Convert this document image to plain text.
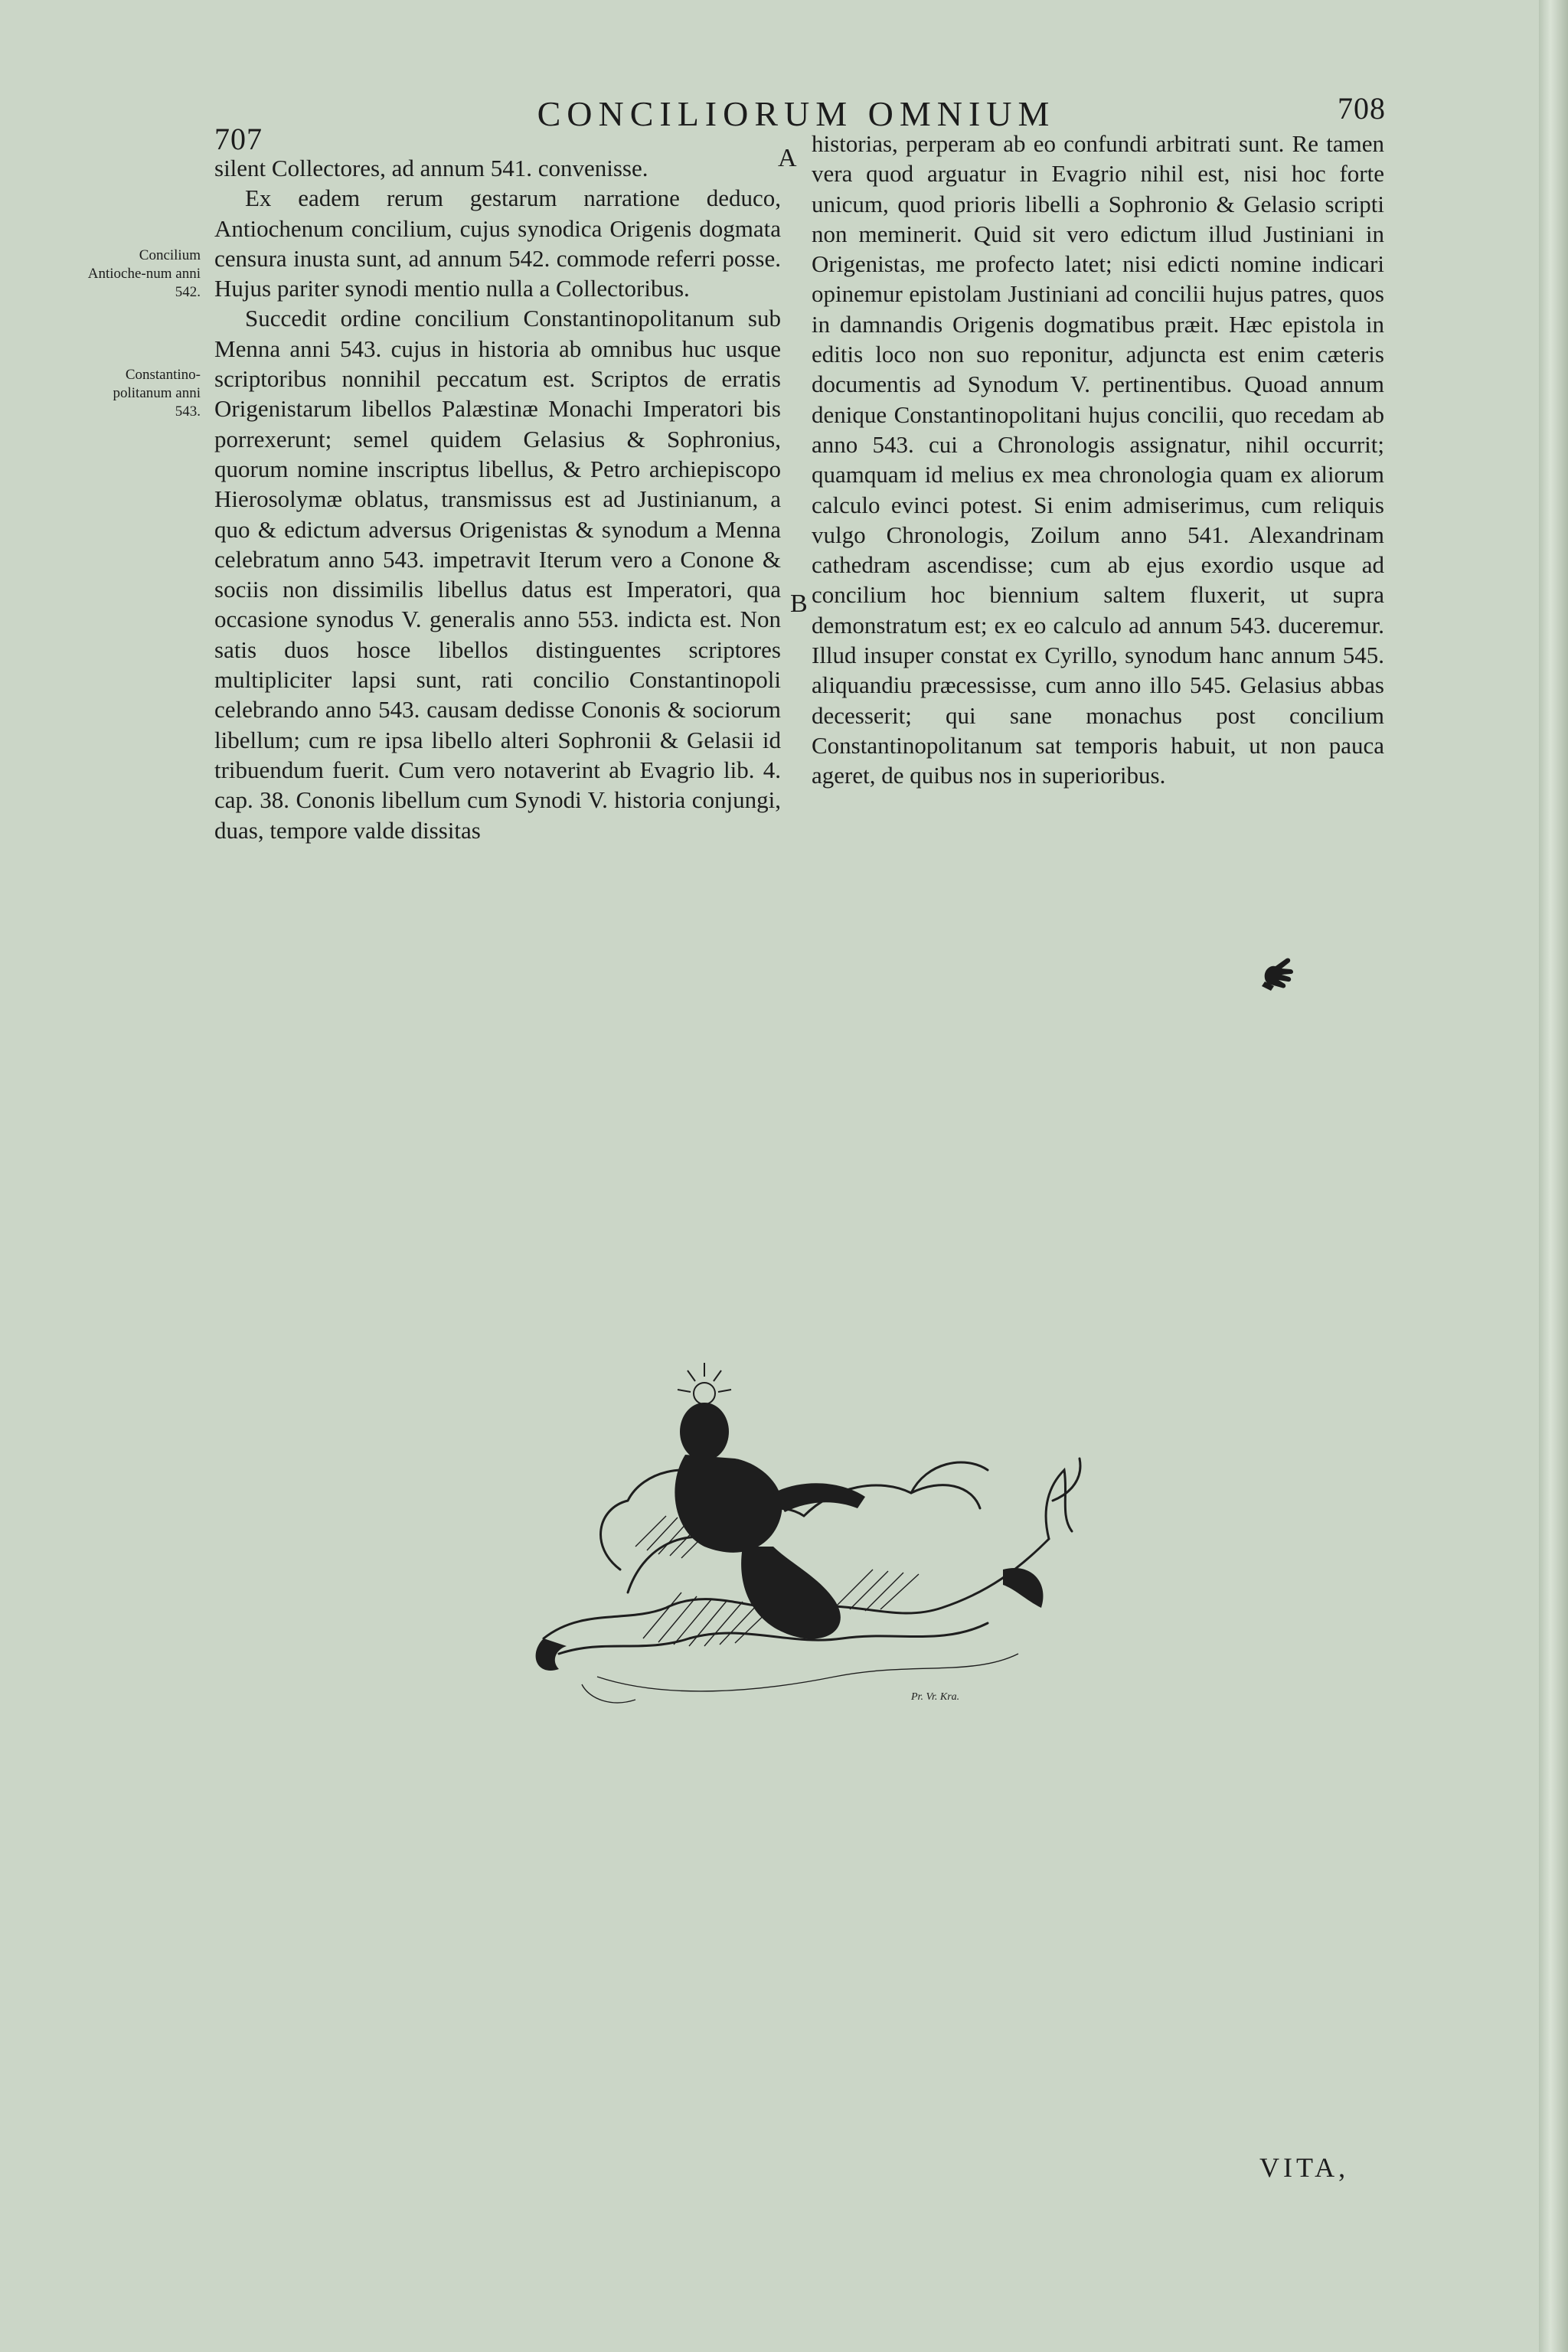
707
CONCILIORUM OMNIUM	708
Concilium Antioche-num anni 542.
Constantino-politanum anni 543.

silent Collectores, ad annum 541. convenisse.

Ex eadem rerum gestarum narratione deduco, Antiochenum concilium, cujus synodica Origenis dogmata censura inusta sunt, ad annum 542. commode referri posse. Hujus pariter synodi mentio nulla a Collectoribus.

Succedit ordine concilium Constantinopolitanum sub Menna anni 543. cujus in historia ab omnibus huc usque scriptoribus nonnihil peccatum est. Scriptos de erratis Origenistarum libellos Palæstinæ Monachi Imperatori bis porrexerunt; semel quidem Gelasius & Sophronius, quorum nomine inscriptus libellus, & Petro archiepiscopo Hierosolymæ oblatus, transmissus est ad Justinianum, a quo & edictum adversus Origenistas & synodum a Menna celebratum anno 543. impetravit Iterum vero a Conone & sociis non dissimilis libellus datus est Imperatori, qua occasione synodus V. generalis anno 553. indicta est. Non satis duos hosce libellos distinguentes scriptores multipliciter lapsi sunt, rati concilio Constantinopoli celebrando anno 543. causam dedisse Cononis & sociorum libellum; cum re ipsa libello alteri Sophronii & Gelasii id tribuendum fuerit. Cum vero notaverint ab Evagrio lib. 4. cap. 38. Cononis libellum cum Synodi V. historia conjungi, duas, tempore valde dissitas

A
B

historias, perperam ab eo confundi arbitrati sunt. Re tamen vera quod arguatur in Evagrio nihil est, nisi hoc forte unicum, quod prioris libelli a Sophronio & Gelasio scripti non meminerit. Quid sit vero edictum illud Justiniani in Origenistas, me profecto latet; nisi edicti nomine indicari opinemur epistolam Justiniani ad concilii hujus patres, quos in damnandis Origenis dogmatibus præit. Hæc epistola in editis loco non suo reponitur, adjuncta est enim cæteris documentis ad Synodum V. pertinentibus. Quoad annum denique Constantinopolitani hujus concilii, quo recedam ab anno 543. cui a Chronologis assignatur, nihil occurrit; quamquam id melius ex mea chronologia quam ex aliorum calculo evinci potest. Si enim admiserimus, cum reliquis vulgo Chronologis, Zoilum anno 541. Alexandrinam cathedram ascendisse; cum ab ejus exordio usque ad concilium hoc biennium saltem fluxerit, ut supra demonstratum est; ex eo calculo ad annum 543. duceremur. Illud insuper constat ex Cyrillo, synodum hanc annum 545. aliquandiu præcessisse, cum anno illo 545. Gelasius abbas decesserit; qui sane monachus post concilium Constantinopolitanum sat temporis habuit, ut non pauca ageret, de quibus nos in superioribus.

Pr. Vr. Kra.
VITA,
